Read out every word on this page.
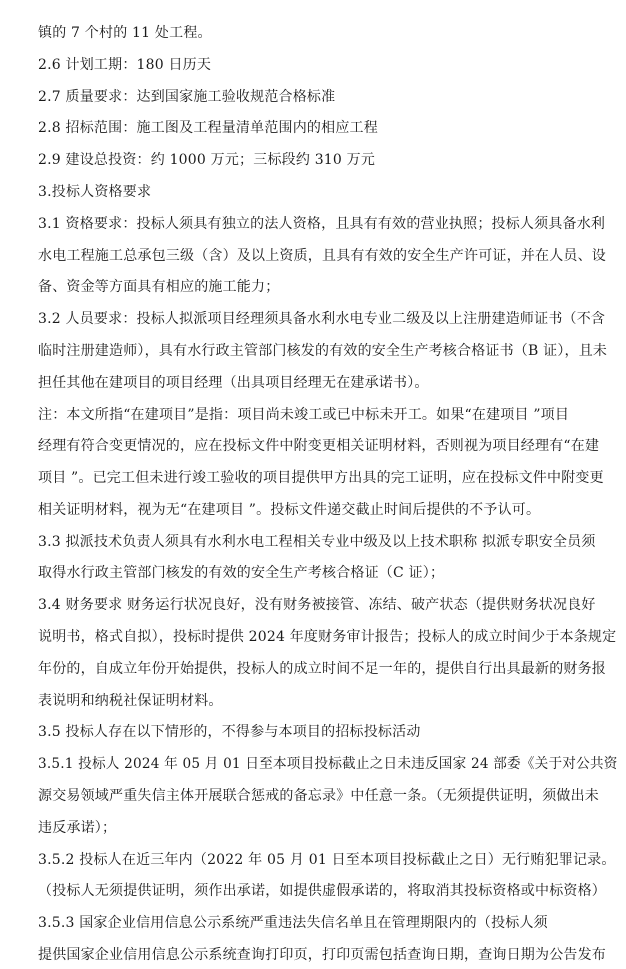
镇的 7 个村的 11 处工程。
2.6 计划工期：180 日历天
2.7 质量要求：达到国家施工验收规范合格标准
2.8 招标范围：施工图及工程量清单范围内的相应工程
2.9 建设总投资：约 1000 万元；三标段约 310 万元
3.投标人资格要求
3.1 资格要求：投标人须具有独立的法人资格，且具有有效的营业执照；投标人须具备水利
水电工程施工总承包三级（含）及以上资质，且具有有效的安全生产许可证，并在人员、设
备、资金等方面具有相应的施工能力；
3.2 人员要求：投标人拟派项目经理须具备水利水电专业二级及以上注册建造师证书（不含
临时注册建造师），具有水行政主管部门核发的有效的安全生产考核合格证书（B 证），且未
担任其他在建项目的项目经理（出具项目经理无在建承诺书）。
注：本文所指“在建项目”是指：项目尚未竣工或已中标未开工。如果“在建项目 ”项目
经理有符合变更情况的，应在投标文件中附变更相关证明材料，否则视为项目经理有“在建
项目 ”。已完工但未进行竣工验收的项目提供甲方出具的完工证明，应在投标文件中附变更
相关证明材料，视为无“在建项目 ”。投标文件递交截止时间后提供的不予认可。
3.3 拟派技术负责人须具有水利水电工程相关专业中级及以上技术职称 拟派专职安全员须
取得水行政主管部门核发的有效的安全生产考核合格证（C 证）；
3.4 财务要求 财务运行状况良好，没有财务被接管、冻结、破产状态（提供财务状况良好
说明书，格式自拟），投标时提供 2024 年度财务审计报告；投标人的成立时间少于本条规定
年份的，自成立年份开始提供，投标人的成立时间不足一年的，提供自行出具最新的财务报
表说明和纳税社保证明材料。
3.5 投标人存在以下情形的，不得参与本项目的招标投标活动
3.5.1 投标人 2024 年 05 月 01 日至本项目投标截止之日未违反国家 24 部委《关于对公共资
源交易领域严重失信主体开展联合惩戒的备忘录》中任意一条。（无须提供证明，须做出未
违反承诺）；
3.5.2 投标人在近三年内（2022 年 05 月 01 日至本项目投标截止之日）无行贿犯罪记录。
（投标人无须提供证明，须作出承诺，如提供虚假承诺的，将取消其投标资格或中标资格）
3.5.3 国家企业信用信息公示系统严重违法失信名单且在管理期限内的（投标人须
提供国家企业信用信息公示系统查询打印页，打印页需包括查询日期，查询日期为公告发布
